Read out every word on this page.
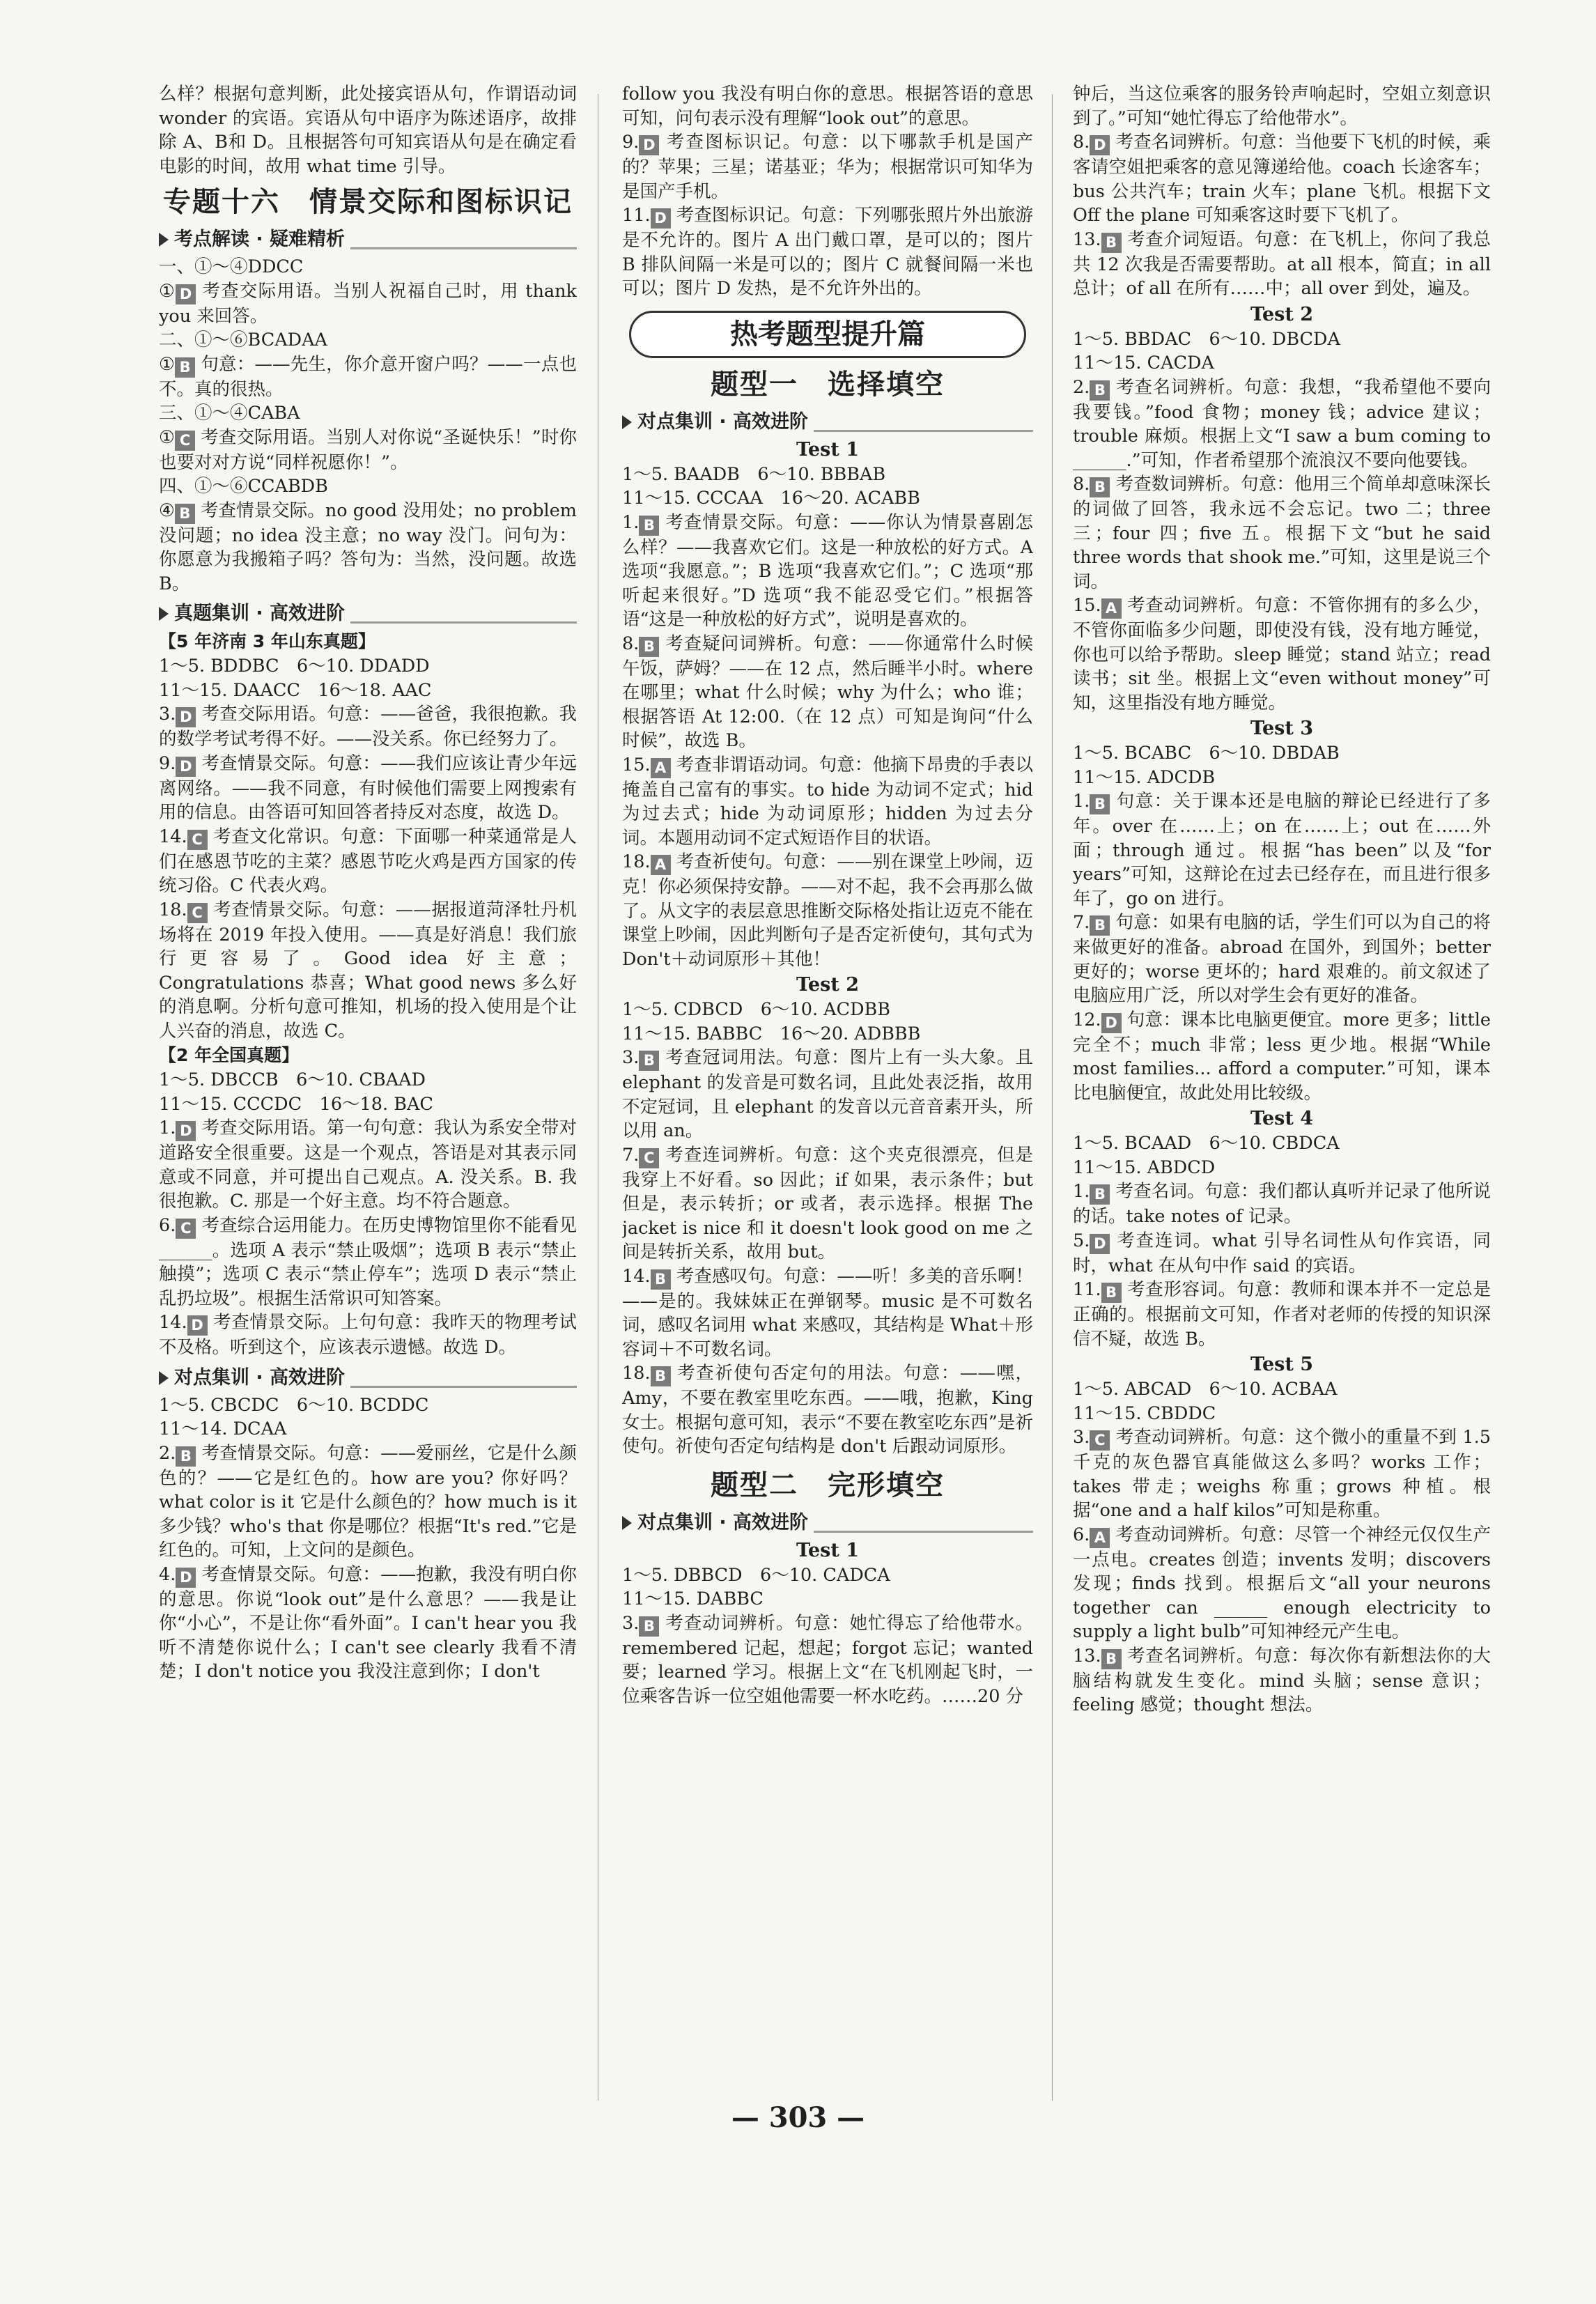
么样？根据句意判断，此处接宾语从句，作谓语动词 wonder 的宾语。宾语从句中语序为陈述语序，故排除 A、B和 D。且根据答句可知宾语从句是在确定看电影的时间，故用 what time 引导。

专题十六　情景交际和图标识记
考点解读 · 疑难精析

一、①～④DDCC

① D 考查交际用语。当别人祝福自己时，用 thank you 来回答。

二、①～⑥BCADAA

① B 句意：——先生，你介意开窗户吗？——一点也不。真的很热。

三、①～④CABA

① C 考查交际用语。当别人对你说“圣诞快乐！”时你也要对对方说“同样祝愿你！”。

四、①～⑥CCABDB

④ B 考查情景交际。no good 没用处；no problem 没问题；no idea 没主意；no way 没门。问句为：你愿意为我搬箱子吗？答句为：当然，没问题。故选 B。

真题集训 · 高效进阶
【5 年济南 3 年山东真题】

1～5. BDDBC　6～10. DDADD

11～15. DAACC　16～18. AAC

3. D 考查交际用语。句意：——爸爸，我很抱歉。我的数学考试考得不好。——没关系。你已经努力了。

9. D 考查情景交际。句意：——我们应该让青少年远离网络。——我不同意，有时候他们需要上网搜索有用的信息。由答语可知回答者持反对态度，故选 D。

14. C 考查文化常识。句意：下面哪一种菜通常是人们在感恩节吃的主菜？感恩节吃火鸡是西方国家的传统习俗。C 代表火鸡。

18. C 考查情景交际。句意：——据报道菏泽牡丹机场将在 2019 年投入使用。——真是好消息！我们旅行更容易了。Good idea 好主意；Congratulations 恭喜；What good news 多么好的消息啊。分析句意可推知，机场的投入使用是个让人兴奋的消息，故选 C。

【2 年全国真题】

1～5. DBCCB　6～10. CBAAD

11～15. CCCDC　16～18. BAC

1. D 考查交际用语。第一句句意：我认为系安全带对道路安全很重要。这是一个观点，答语是对其表示同意或不同意，并可提出自己观点。A. 没关系。B. 我很抱歉。C. 那是一个好主意。均不符合题意。

6. C 考查综合运用能力。在历史博物馆里你不能看见______。选项 A 表示“禁止吸烟”；选项 B 表示“禁止触摸”；选项 C 表示“禁止停车”；选项 D 表示“禁止乱扔垃圾”。根据生活常识可知答案。

14. D 考查情景交际。上句句意：我昨天的物理考试不及格。听到这个，应该表示遗憾。故选 D。

对点集训 · 高效进阶

1～5. CBCDC　6～10. BCDDC

11～14. DCAA

2. B 考查情景交际。句意：——爱丽丝，它是什么颜色的？——它是红色的。how are you? 你好吗？what color is it 它是什么颜色的？how much is it 多少钱？who's that 你是哪位？根据“It's red.”它是红色的。可知，上文问的是颜色。

4. D 考查情景交际。句意：——抱歉，我没有明白你的意思。你说“look out”是什么意思？——我是让你“小心”，不是让你“看外面”。I can't hear you 我听不清楚你说什么；I can't see clearly 我看不清楚；I don't notice you 我没注意到你；I don't

follow you 我没有明白你的意思。根据答语的意思可知，问句表示没有理解“look out”的意思。

9. D 考查图标识记。句意：以下哪款手机是国产的？苹果；三星；诺基亚；华为；根据常识可知华为是国产手机。

11. D 考查图标识记。句意：下列哪张照片外出旅游是不允许的。图片 A 出门戴口罩，是可以的；图片 B 排队间隔一米是可以的；图片 C 就餐间隔一米也可以；图片 D 发热，是不允许外出的。

热考题型提升篇
题型一　选择填空
对点集训 · 高效进阶
Test 1

1～5. BAADB　6～10. BBBAB

11～15. CCCAA　16～20. ACABB

1. B 考查情景交际。句意：——你认为情景喜剧怎么样？——我喜欢它们。这是一种放松的好方式。A 选项“我愿意。”；B 选项“我喜欢它们。”；C 选项“那听起来很好。”D 选项“我不能忍受它们。”根据答语“这是一种放松的好方式”，说明是喜欢的。

8. B 考查疑问词辨析。句意：——你通常什么时候午饭，萨姆？——在 12 点，然后睡半小时。where 在哪里；what 什么时候；why 为什么；who 谁；根据答语 At 12:00.（在 12 点）可知是询问“什么时候”，故选 B。

15. A 考查非谓语动词。句意：他摘下昂贵的手表以掩盖自己富有的事实。to hide 为动词不定式；hid 为过去式；hide 为动词原形；hidden 为过去分词。本题用动词不定式短语作目的状语。

18. A 考查祈使句。句意：——别在课堂上吵闹，迈克！你必须保持安静。——对不起，我不会再那么做了。从文字的表层意思推断交际格处指让迈克不能在课堂上吵闹，因此判断句子是否定祈使句，其句式为 Don't＋动词原形＋其他！

Test 2

1～5. CDBCD　6～10. ACDBB

11～15. BABBC　16～20. ADBBB

3. B 考查冠词用法。句意：图片上有一头大象。且 elephant 的发音是可数名词，且此处表泛指，故用不定冠词，且 elephant 的发音以元音音素开头，所以用 an。

7. C 考查连词辨析。句意：这个夹克很漂亮，但是我穿上不好看。so 因此；if 如果，表示条件；but 但是，表示转折；or 或者，表示选择。根据 The jacket is nice 和 it doesn't look good on me 之间是转折关系，故用 but。

14. B 考查感叹句。句意：——听！多美的音乐啊！——是的。我妹妹正在弹钢琴。music 是不可数名词，感叹名词用 what 来感叹，其结构是 What＋形容词＋不可数名词。

18. B 考查祈使句否定句的用法。句意：——嘿，Amy，不要在教室里吃东西。——哦，抱歉，King 女士。根据句意可知，表示“不要在教室吃东西”是祈使句。祈使句否定句结构是 don't 后跟动词原形。

题型二　完形填空
对点集训 · 高效进阶
Test 1

1～5. DBBCD　6～10. CADCA

11～15. DABBC

3. B 考查动词辨析。句意：她忙得忘了给他带水。remembered 记起，想起；forgot 忘记；wanted 要；learned 学习。根据上文“在飞机刚起飞时，一位乘客告诉一位空姐他需要一杯水吃药。……20 分

钟后，当这位乘客的服务铃声响起时，空姐立刻意识到了。”可知“她忙得忘了给他带水”。

8. D 考查名词辨析。句意：当他要下飞机的时候，乘客请空姐把乘客的意见簿递给他。coach 长途客车；bus 公共汽车；train 火车；plane 飞机。根据下文 Off the plane 可知乘客这时要下飞机了。

13. B 考查介词短语。句意：在飞机上，你问了我总共 12 次我是否需要帮助。at all 根本，简直；in all 总计；of all 在所有……中；all over 到处，遍及。

Test 2

1～5. BBDAC　6～10. DBCDA

11～15. CACDA

2. B 考查名词辨析。句意：我想，“我希望他不要向我要钱。”food 食物；money 钱；advice 建议；trouble 麻烦。根据上文“I saw a bum coming to ______.”可知，作者希望那个流浪汉不要向他要钱。

8. B 考查数词辨析。句意：他用三个简单却意味深长的词做了回答，我永远不会忘记。two 二；three 三；four 四；five 五。根据下文“but he said three words that shook me.”可知，这里是说三个词。

15. A 考查动词辨析。句意：不管你拥有的多么少，不管你面临多少问题，即使没有钱，没有地方睡觉，你也可以给予帮助。sleep 睡觉；stand 站立；read 读书；sit 坐。根据上文“even without money”可知，这里指没有地方睡觉。

Test 3

1～5. BCABC　6～10. DBDAB

11～15. ADCDB

1. B 句意：关于课本还是电脑的辩论已经进行了多年。over 在……上；on 在……上；out 在……外面；through 通过。根据“has been”以及“for years”可知，这辩论在过去已经存在，而且进行很多年了，go on 进行。

7. B 句意：如果有电脑的话，学生们可以为自己的将来做更好的准备。abroad 在国外，到国外；better 更好的；worse 更坏的；hard 艰难的。前文叙述了电脑应用广泛，所以对学生会有更好的准备。

12. D 句意：课本比电脑更便宜。more 更多；little 完全不；much 非常；less 更少地。根据“While most families... afford a computer.”可知，课本比电脑便宜，故此处用比较级。

Test 4

1～5. BCAAD　6～10. CBDCA

11～15. ABDCD

1. B 考查名词。句意：我们都认真听并记录了他所说的话。take notes of 记录。

5. D 考查连词。what 引导名词性从句作宾语，同时，what 在从句中作 said 的宾语。

11. B 考查形容词。句意：教师和课本并不一定总是正确的。根据前文可知，作者对老师的传授的知识深信不疑，故选 B。

Test 5

1～5. ABCAD　6～10. ACBAA

11～15. CBDDC

3. C 考查动词辨析。句意：这个微小的重量不到 1.5 千克的灰色器官真能做这么多吗？works 工作；takes 带走；weighs 称重；grows 种植。根据“one and a half kilos”可知是称重。

6. A 考查动词辨析。句意：尽管一个神经元仅仅生产一点电。creates 创造；invents 发明；discovers 发现；finds 找到。根据后文“all your neurons together can ______ enough electricity to supply a light bulb”可知神经元产生电。

13. B 考查名词辨析。句意：每次你有新想法你的大脑结构就发生变化。mind 头脑；sense 意识；feeling 感觉；thought 想法。

— 303 —
